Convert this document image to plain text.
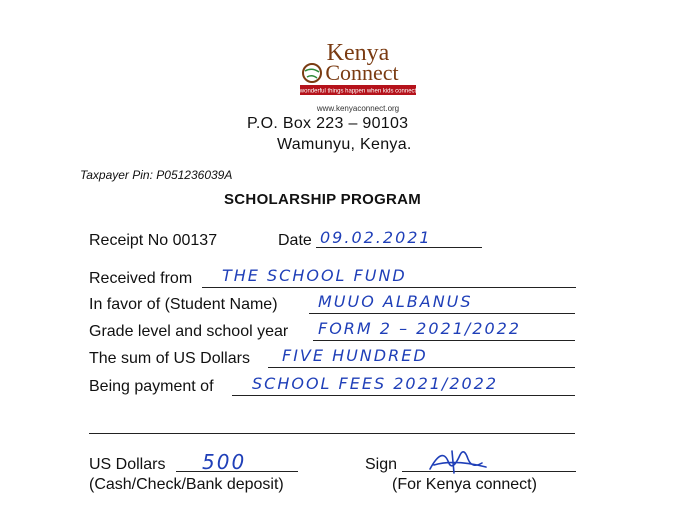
Kenya
Connect
wonderful things happen when kids connect
www.kenyaconnect.org
P.O. Box 223 – 90103
Wamunyu, Kenya.
Taxpayer Pin: P051236039A
SCHOLARSHIP PROGRAM
Receipt No 00137	Date 09.02.2021
Received from THE SCHOOL FUND
In favor of (Student Name)	MUUO ALBANUS
Grade level and school year FORM 2 – 2021/2022
The sum of US Dollars FIVE HUNDRED
Being payment of SCHOOL FEES 2021/2022
US Dollars 500
(Cash/Check/Bank deposit)
Sign
(For Kenya connect)
